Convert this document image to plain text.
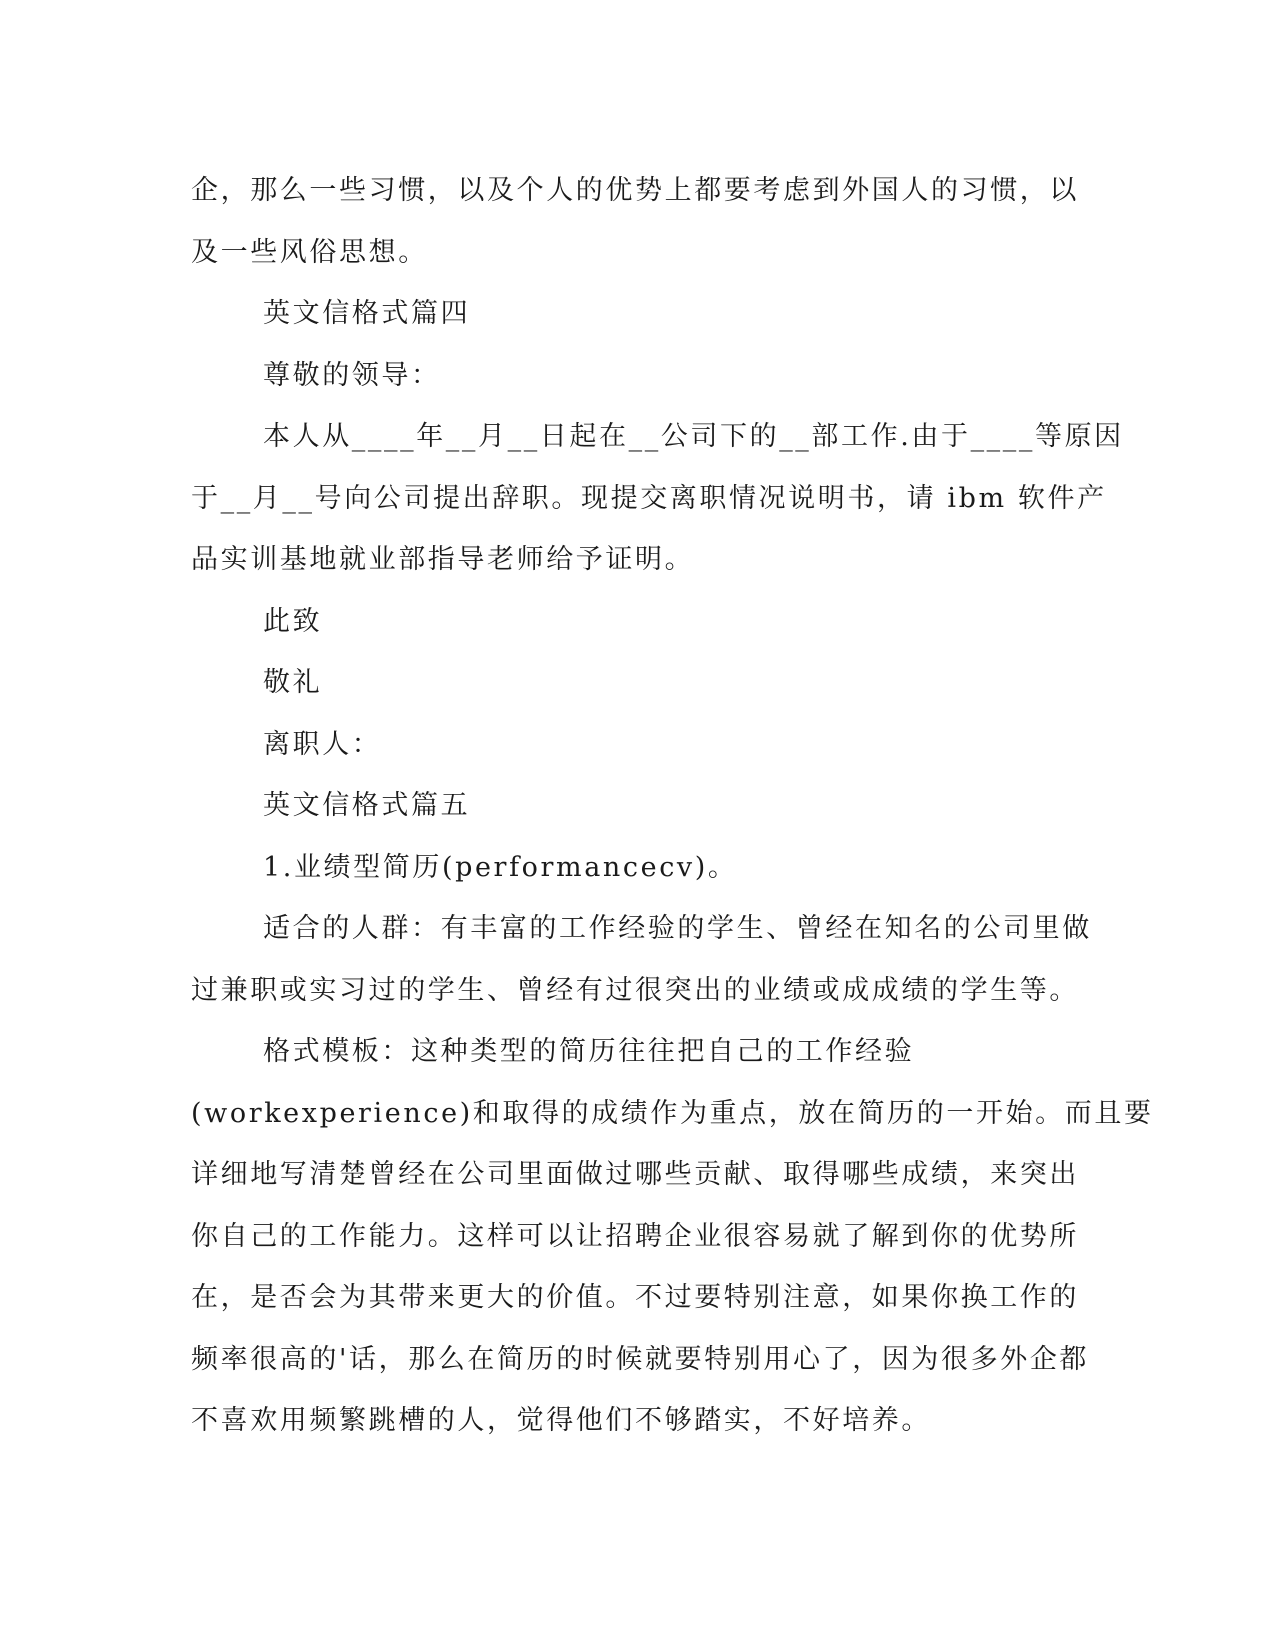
企，那么一些习惯，以及个人的优势上都要考虑到外国人的习惯，以
及一些风俗思想。

英文信格式篇四

尊敬的领导：

本人从____年__月__日起在__公司下的__部工作.由于____等原因
于__月__号向公司提出辞职。现提交离职情况说明书，请 ibm 软件产
品实训基地就业部指导老师给予证明。

此致

敬礼

离职人：

英文信格式篇五

1.业绩型简历(performancecv)。

适合的人群：有丰富的工作经验的学生、曾经在知名的公司里做
过兼职或实习过的学生、曾经有过很突出的业绩或成成绩的学生等。

格式模板：这种类型的简历往往把自己的工作经验
(workexperience)和取得的成绩作为重点，放在简历的一开始。而且要
详细地写清楚曾经在公司里面做过哪些贡献、取得哪些成绩，来突出
你自己的工作能力。这样可以让招聘企业很容易就了解到你的优势所
在，是否会为其带来更大的价值。不过要特别注意，如果你换工作的
频率很高的'话，那么在简历的时候就要特别用心了，因为很多外企都
不喜欢用频繁跳槽的人，觉得他们不够踏实，不好培养。
